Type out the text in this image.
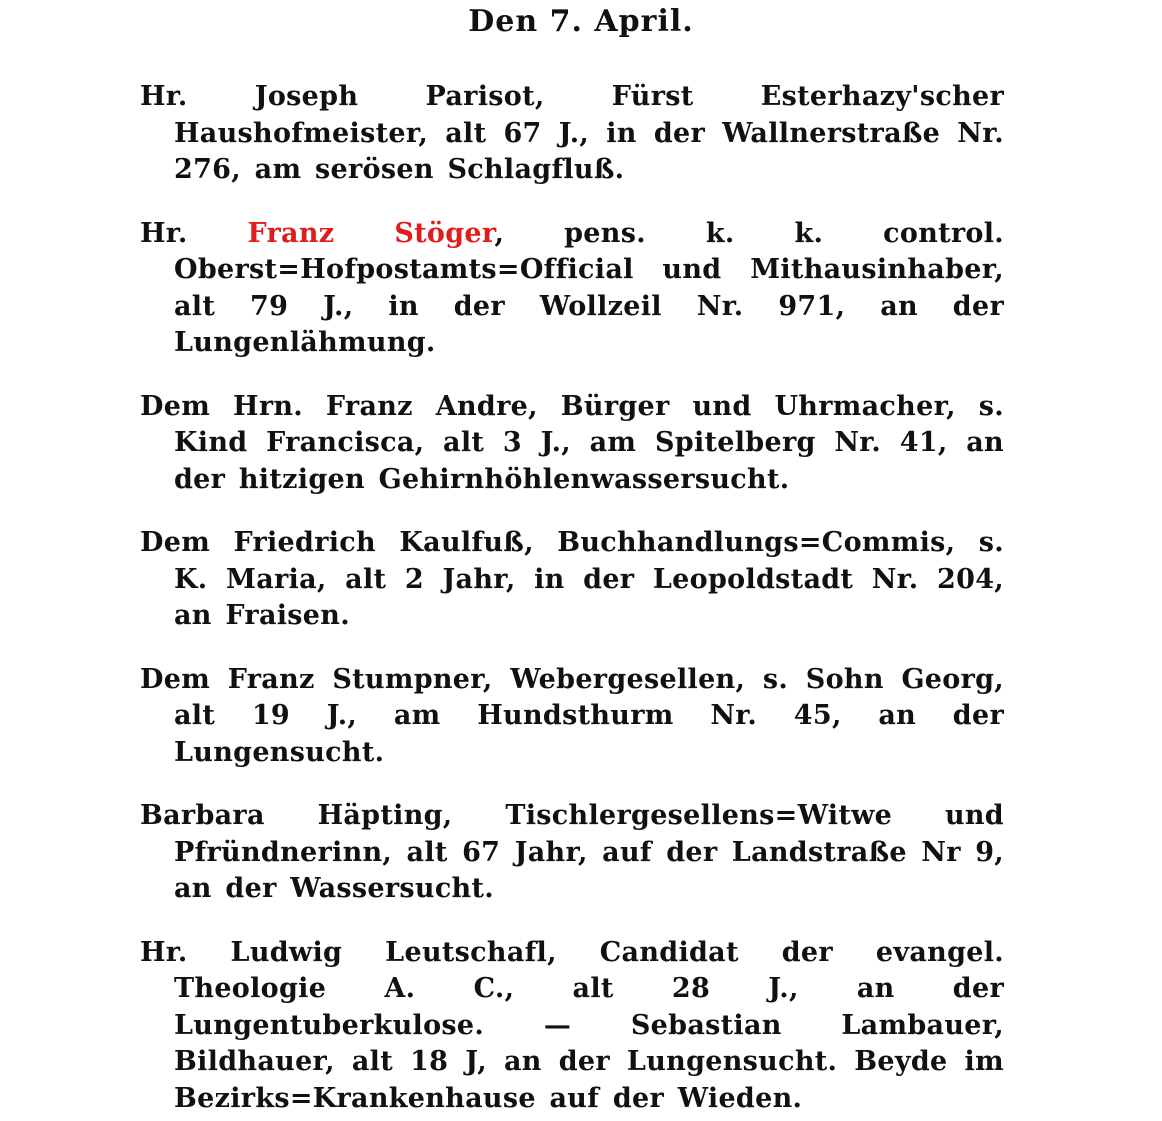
Den 7. April.

Hr. Joseph Parisot, Fürst Esterhazy'scher Haushofmeister, alt 67 J., in der Wallnerstraße Nr. 276, am serösen Schlagfluß.

Hr. Franz Stöger, pens. k. k. control. Oberst=Hofpostamts=Official und Mithausinhaber, alt 79 J., in der Wollzeil Nr. 971, an der Lungenlähmung.

Dem Hrn. Franz Andre, Bürger und Uhrmacher, s. Kind Francisca, alt 3 J., am Spitelberg Nr. 41, an der hitzigen Gehirnhöhlenwassersucht.

Dem Friedrich Kaulfuß, Buchhandlungs=Commis, s. K. Maria, alt 2 Jahr, in der Leopoldstadt Nr. 204, an Fraisen.

Dem Franz Stumpner, Webergesellen, s. Sohn Georg, alt 19 J., am Hundsthurm Nr. 45, an der Lungensucht.

Barbara Häpting, Tischlergesellens=Witwe und Pfründnerinn, alt 67 Jahr, auf der Landstraße Nr 9, an der Wassersucht.

Hr. Ludwig Leutschafl, Candidat der evangel. Theologie A. C., alt 28 J., an der Lungentuberkulose. — Sebastian Lambauer, Bildhauer, alt 18 J, an der Lungensucht. Beyde im Bezirks=Krankenhause auf der Wieden.
